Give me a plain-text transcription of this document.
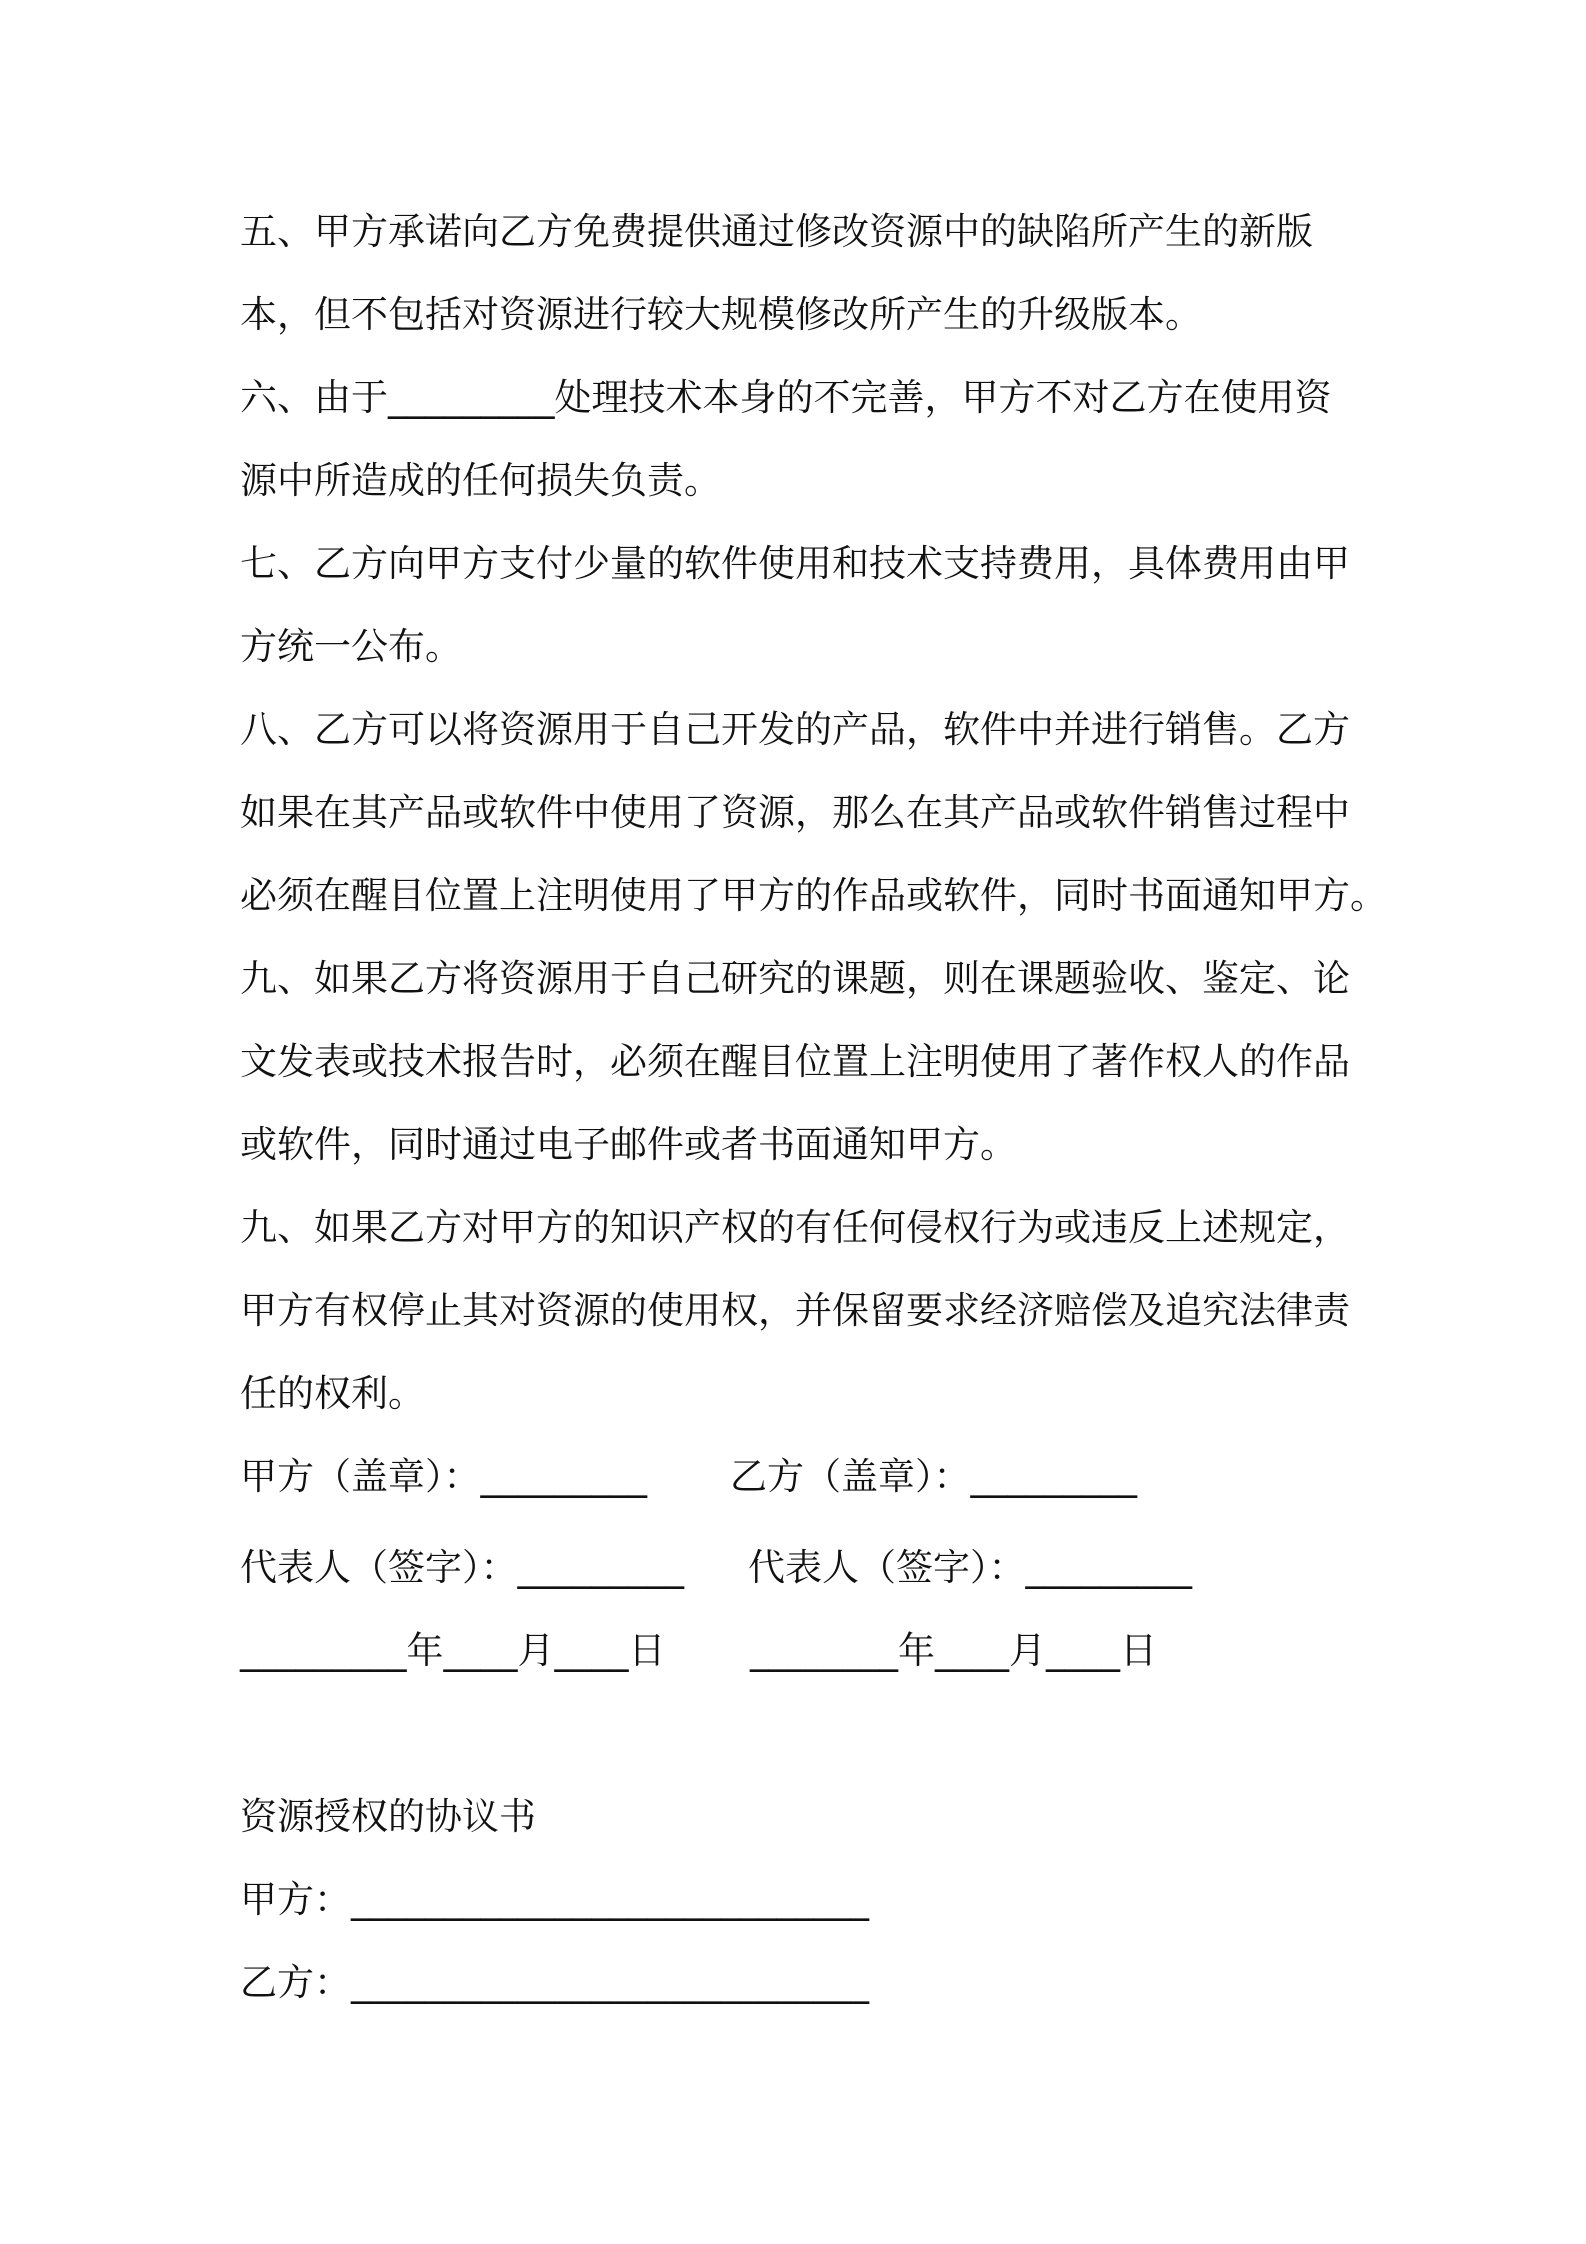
五、甲方承诺向乙方免费提供通过修改资源中的缺陷所产生的新版
本，但不包括对资源进行较大规模修改所产生的升级版本。
六、由于_________处理技术本身的不完善，甲方不对乙方在使用资
源中所造成的任何损失负责。
七、乙方向甲方支付少量的软件使用和技术支持费用，具体费用由甲
方统一公布。
八、乙方可以将资源用于自己开发的产品，软件中并进行销售。乙方
如果在其产品或软件中使用了资源，那么在其产品或软件销售过程中
必须在醒目位置上注明使用了甲方的作品或软件，同时书面通知甲方。
九、如果乙方将资源用于自己研究的课题，则在课题验收、鉴定、论
文发表或技术报告时，必须在醒目位置上注明使用了著作权人的作品
或软件，同时通过电子邮件或者书面通知甲方。
九、如果乙方对甲方的知识产权的有任何侵权行为或违反上述规定，
甲方有权停止其对资源的使用权，并保留要求经济赔偿及追究法律责
任的权利。
甲方（盖章）：_________ 乙方（盖章）：_________
代表人（签字）：_________ 代表人（签字）：_________
_________年____月____日 ________年____月____日
资源授权的协议书
甲方：____________________________
乙方：____________________________
